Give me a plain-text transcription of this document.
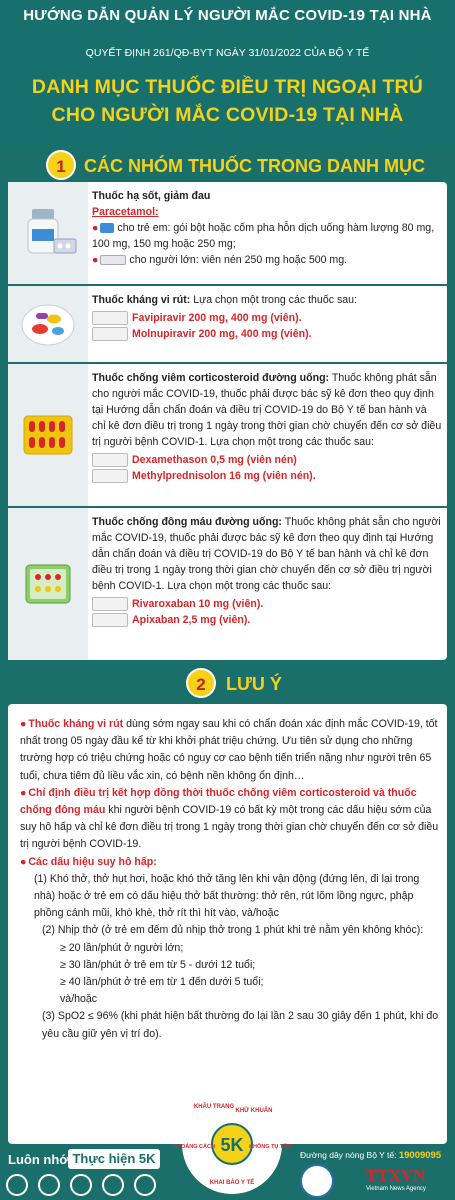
HƯỚNG DẪN QUẢN LÝ NGƯỜI MẮC COVID-19 TẠI NHÀ
QUYẾT ĐỊNH 261/QĐ-BYT NGÀY 31/01/2022 CỦA BỘ Y TẾ
DANH MỤC THUỐC ĐIỀU TRỊ NGOẠI TRÚ
CHO NGƯỜI MẮC COVID-19 TẠI NHÀ
1	CÁC NHÓM THUỐC TRONG DANH MỤC
Thuốc hạ sốt, giảm đau
Paracetamol:
● cho trẻ em: gói bột hoặc cốm pha hỗn dịch uống hàm lượng 80 mg, 100 mg, 150 mg hoặc 250 mg;
●	cho người lớn: viên nén 250 mg hoặc 500 mg.
Thuốc kháng vi rút: Lựa chọn một trong các thuốc sau:
Favipiravir 200 mg, 400 mg (viên).
Molnupiravir 200 mg, 400 mg (viên).
Thuốc chống viêm corticosteroid đường uống: Thuốc không phát sẵn cho người mắc COVID-19, thuốc phải được bác sỹ kê đơn theo quy định tại Hướng dẫn chẩn đoán và điều trị COVID-19 do Bộ Y tế ban hành và chỉ kê đơn điều trị trong 1 ngày trong thời gian chờ chuyển đến cơ sở điều trị người bệnh COVID-1. Lựa chọn một trong các thuốc sau:
Dexamethason 0,5 mg (viên nén)
Methylprednisolon 16 mg (viên nén).
Thuốc chống đông máu đường uống: Thuốc không phát sẵn cho người mắc COVID-19, thuốc phải được bác sỹ kê đơn theo quy định tại Hướng dẫn chẩn đoán và điều trị COVID-19 do Bộ Y tế ban hành và chỉ kê đơn điều trị trong 1 ngày trong thời gian chờ chuyển đến cơ sở điều trị người bệnh COVID-1. Lựa chọn một trong các thuốc sau:
Rivaroxaban 10 mg (viên).
Apixaban 2,5 mg (viên).
2	LƯU Ý

● Thuốc kháng vi rút dùng sớm ngay sau khi có chẩn đoán xác định mắc COVID-19, tốt nhất trong 05 ngày đầu kể từ khi khởi phát triệu chứng. Ưu tiên sử dụng cho những trường hợp có triệu chứng hoặc có nguy cơ cao bệnh tiến triển nặng như người trên 65 tuổi, chưa tiêm đủ liều vắc xin, có bệnh nền không ổn định…

● Chỉ định điều trị kết hợp đồng thời thuốc chống viêm corticosteroid và thuốc chống đông máu khi người bệnh COVID-19 có bất kỳ một trong các dấu hiệu sớm của suy hô hấp và chỉ kê đơn điều trị trong 1 ngày trong thời gian chờ chuyển đến cơ sở điều trị người bệnh COVID-19.

● Các dấu hiệu suy hô hấp:

(1) Khó thở, thở hụt hơi, hoặc khó thở tăng lên khi vận động (đứng lên, đi lại trong nhà) hoặc ở trẻ em có dấu hiệu thở bất thường: thở rên, rút lõm lồng ngực, phập phồng cánh mũi, khò khè, thở rít thì hít vào, và/hoặc

(2) Nhịp thở (ở trẻ em đếm đủ nhịp thở trong 1 phút khi trẻ nằm yên không khóc):

≥ 20 lần/phút ở người lớn;

≥ 30 lần/phút ở trẻ em từ 5 - dưới 12 tuổi;

≥ 40 lần/phút ở trẻ em từ 1 đến dưới 5 tuổi;

và/hoặc

(3) SpO2 ≤ 96% (khi phát hiện bất thường đo lại lần 2 sau 30 giây đến 1 phút, khi đo yêu cầu giữ yên vị trí đo).

Luôn nhớ Thực hiện 5K
5K
KHẨU TRANG
KHỬ KHUẨN
KHOẢNG CÁCH	KHÔNG TỤ TẬP
KHAI BÁO Y TẾ
Đường dây nóng Bộ Y tế: 19009095
TTXVN
Vietnam News Agency
